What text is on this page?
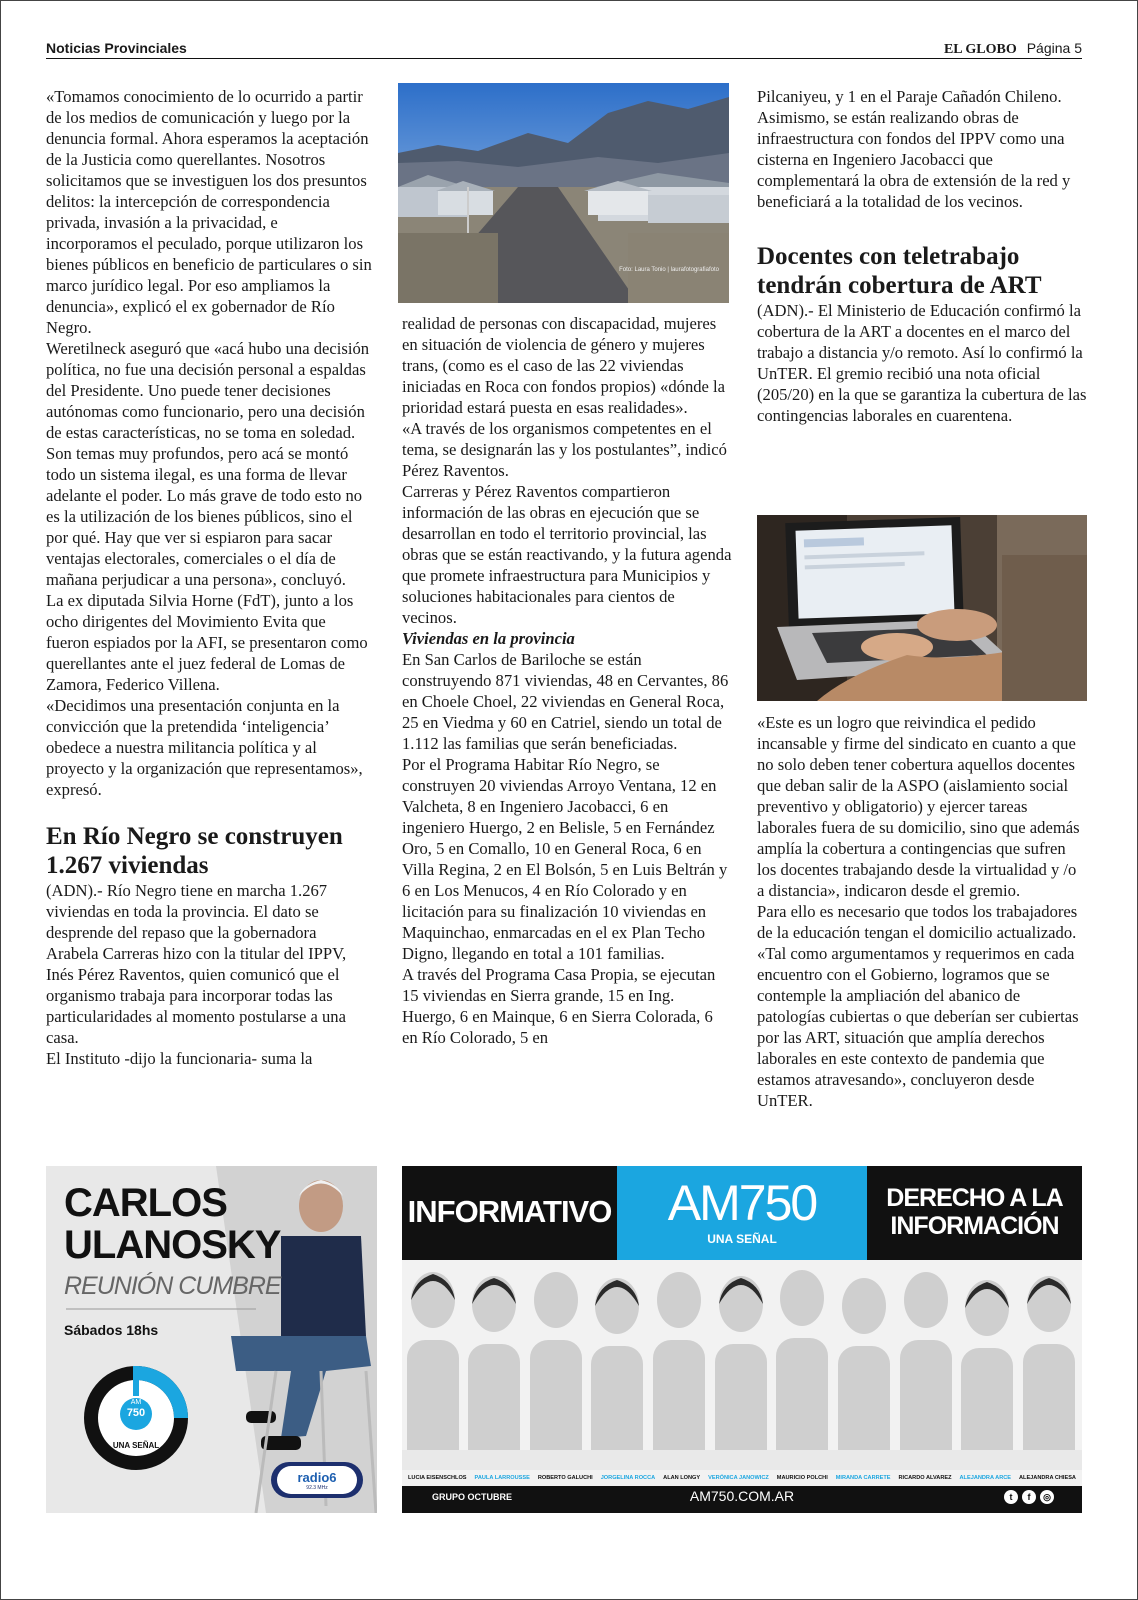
Noticias Provinciales	EL GLOBO Página 5

«Tomamos conocimiento de lo ocurrido a partir de los medios de comunicación y luego por la denuncia formal. Ahora esperamos la aceptación de la Justicia como querellantes. Nosotros solicitamos que se investiguen los dos presuntos delitos: la intercepción de correspondencia privada, invasión a la privacidad, e incorporamos el peculado, porque utilizaron los bienes públicos en beneficio de particulares o sin marco jurídico legal. Por eso ampliamos la denuncia», explicó el ex gobernador de Río Negro.

Weretilneck aseguró que «acá hubo una decisión política, no fue una decisión personal a espaldas del Presidente. Uno puede tener decisiones autónomas como funcionario, pero una decisión de estas características, no se toma en soledad. Son temas muy profundos, pero acá se montó todo un sistema ilegal, es una forma de llevar adelante el poder. Lo más grave de todo esto no es la utilización de los bienes públicos, sino el por qué. Hay que ver si espiaron para sacar ventajas electorales, comerciales o el día de mañana perjudicar a una persona», concluyó.

La ex diputada Silvia Horne (FdT), junto a los ocho dirigentes del Movimiento Evita que fueron espiados por la AFI, se presentaron como querellantes ante el juez federal de Lomas de Zamora, Federico Villena.

«Decidimos una presentación conjunta en la convicción que la pretendida ‘inteligencia’ obedece a nuestra militancia política y al proyecto y la organización que representamos», expresó.

En Río Negro se construyen 1.267 viviendas

(ADN).- Río Negro tiene en marcha 1.267 viviendas en toda la provincia. El dato se desprende del repaso que la gobernadora Arabela Carreras hizo con la titular del IPPV, Inés Pérez Raventos, quien comunicó que el organismo trabaja para incorporar todas las particularidades al momento postularse a una casa.

El Instituto -dijo la funcionaria- suma la

Foto: Laura Tonio | laurafotografiafoto

realidad de personas con discapacidad, mujeres en situación de violencia de género y mujeres trans, (como es el caso de las 22 viviendas iniciadas en Roca con fondos propios) «dónde la prioridad estará puesta en esas realidades».

«A través de los organismos competentes en el tema, se designarán las y los postulantes”, indicó Pérez Raventos.

Carreras y Pérez Raventos compartieron información de las obras en ejecución que se desarrollan en todo el territorio provincial, las obras que se están reactivando, y la futura agenda que promete infraestructura para Municipios y soluciones habitacionales para cientos de vecinos.

Viviendas en la provincia

En San Carlos de Bariloche se están construyendo 871 viviendas, 48 en Cervantes, 86 en Choele Choel, 22 viviendas en General Roca, 25 en Viedma y 60 en Catriel, siendo un total de 1.112 las familias que serán beneficiadas.

Por el Programa Habitar Río Negro, se construyen 20 viviendas Arroyo Ventana, 12 en Valcheta, 8 en Ingeniero Jacobacci, 6 en ingeniero Huergo, 2 en Belisle, 5 en Fernández Oro, 5 en Comallo, 10 en General Roca, 6 en Villa Regina, 2 en El Bolsón, 5 en Luis Beltrán y 6 en Los Menucos, 4 en Río Colorado y en licitación para su finalización 10 viviendas en Maquinchao, enmarcadas en el ex Plan Techo Digno, llegando en total a 101 familias.

A través del Programa Casa Propia, se ejecutan 15 viviendas en Sierra grande, 15 en Ing. Huergo, 6 en Mainque, 6 en Sierra Colorada, 6 en Río Colorado, 5 en

Pilcaniyeu, y 1 en el Paraje Cañadón Chileno.

Asimismo, se están realizando obras de infraestructura con fondos del IPPV como una cisterna en Ingeniero Jacobacci que complementará la obra de extensión de la red y beneficiará a la totalidad de los vecinos.

Docentes con teletrabajo tendrán cobertura de ART

(ADN).- El Ministerio de Educación confirmó la cobertura de la ART a docentes en el marco del trabajo a distancia y/o remoto. Así lo confirmó la UnTER. El gremio recibió una nota oficial (205/20) en la que se garantiza la cubertura de las contingencias laborales en cuarentena.

«Este es un logro que reivindica el pedido incansable y firme del sindicato en cuanto a que no solo deben tener cobertura aquellos docentes que deban salir de la ASPO (aislamiento social preventivo y obligatorio) y ejercer tareas laborales fuera de su domicilio, sino que además amplía la cobertura a contingencias que sufren los docentes trabajando desde la virtualidad y /o a distancia», indicaron desde el gremio.

Para ello es necesario que todos los trabajadores de la educación tengan el domicilio actualizado.

«Tal como argumentamos y requerimos en cada encuentro con el Gobierno, logramos que se contemple la ampliación del abanico de patologías cubiertas o que deberían ser cubiertas por las ART, situación que amplía derechos laborales en este contexto de pandemia que estamos atravesando», concluyeron desde UnTER.

CARLOS
ULANOSKY
REUNIÓN CUMBRE
Sábados 18hs
AM
750
UNA SEÑAL
radio6
92.3 MHz
INFORMATIVO	AM750
UNA SEÑAL
DERECHO A LA
INFORMACIÓN
LUCIA EISENSCHLOS PAULA LARROUSSE ROBERTO GALUCHI JORGELINA ROCCA ALAN LONGY VERÓNICA JANOWICZ MAURICIO POLCHI MIRANDA CARRETE RICARDO ALVAREZ ALEJANDRA ARCE ALEJANDRA CHIESA
GRUPO OCTUBRE	AM750.COM.AR	t	f	◎
